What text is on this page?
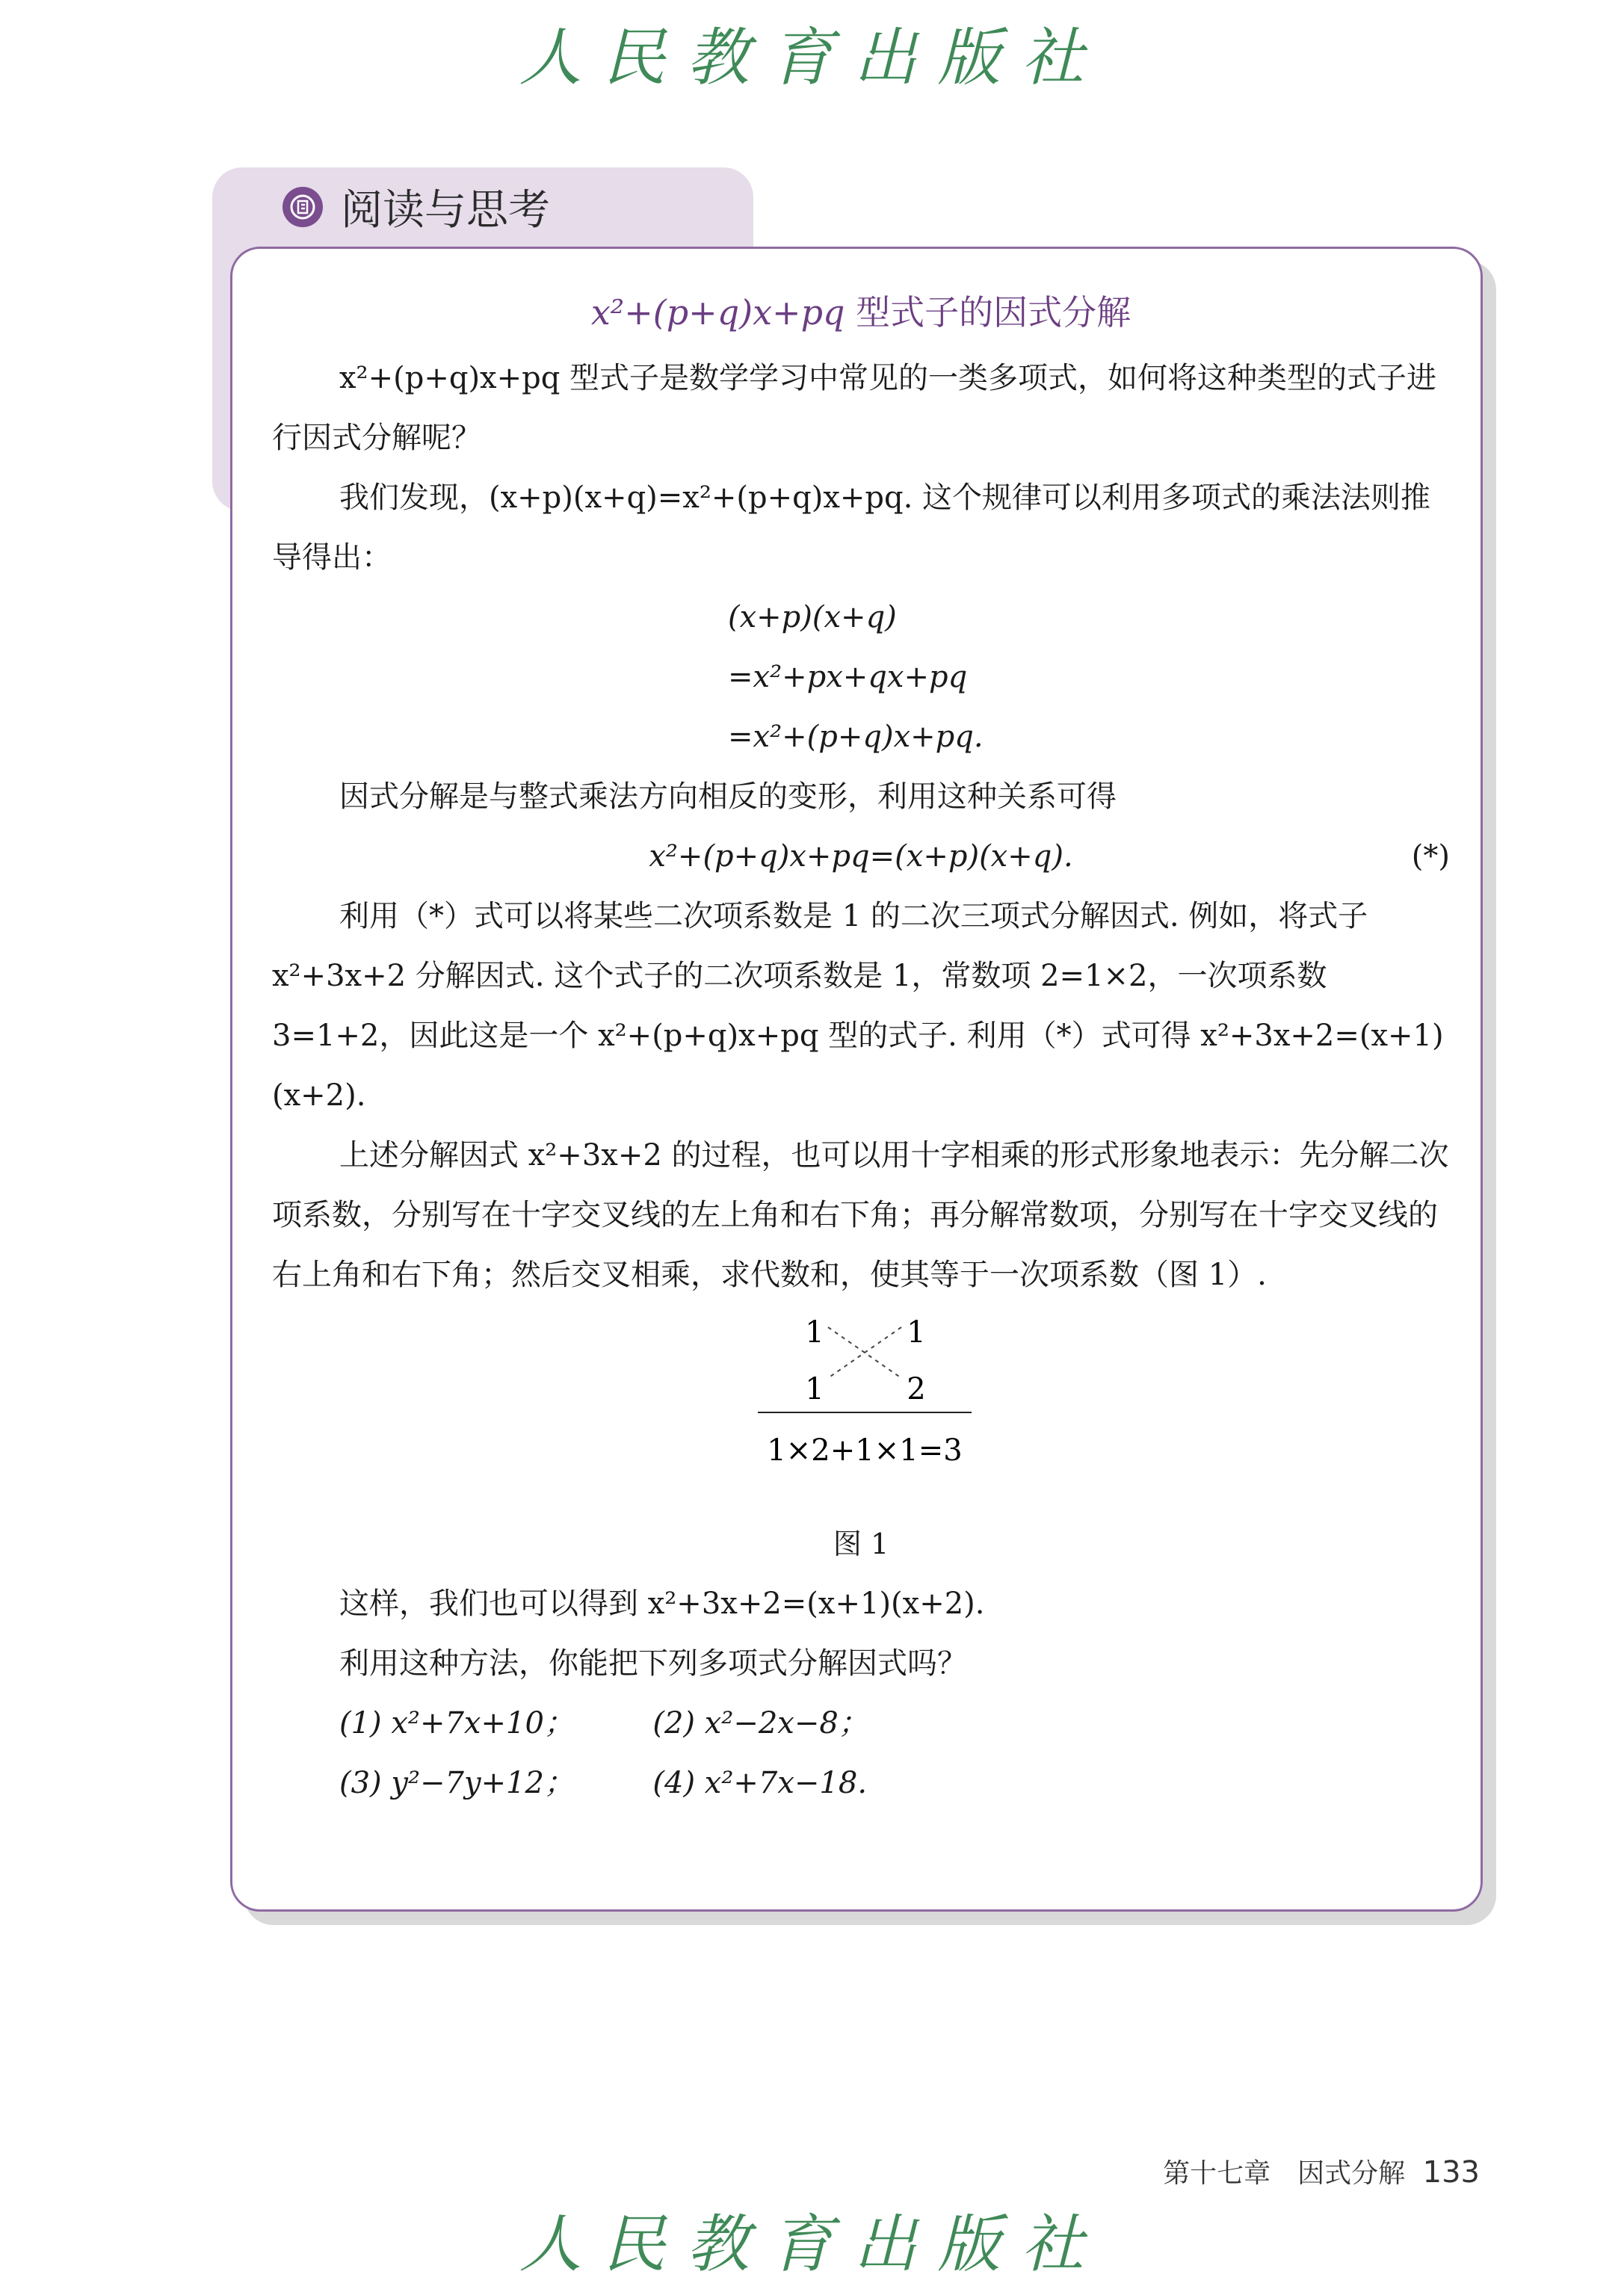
人民教育出版社
阅读与思考

x²+(p+q)x+pq 型式子的因式分解

x²+(p+q)x+pq 型式子是数学学习中常见的一类多项式，如何将这种类型的式子进行因式分解呢？

我们发现，(x+p)(x+q)=x²+(p+q)x+pq. 这个规律可以利用多项式的乘法法则推导得出：

(x+p)(x+q)
=x²+px+qx+pq
=x²+(p+q)x+pq.

因式分解是与整式乘法方向相反的变形，利用这种关系可得

x²+(p+q)x+pq=(x+p)(x+q).	(*)

利用（*）式可以将某些二次项系数是 1 的二次三项式分解因式. 例如，将式子 x²+3x+2 分解因式. 这个式子的二次项系数是 1，常数项 2=1×2，一次项系数 3=1+2，因此这是一个 x²+(p+q)x+pq 型的式子. 利用（*）式可得 x²+3x+2=(x+1)(x+2).

上述分解因式 x²+3x+2 的过程，也可以用十字相乘的形式形象地表示：先分解二次项系数，分别写在十字交叉线的左上角和右下角；再分解常数项，分别写在十字交叉线的右上角和右下角；然后交叉相乘，求代数和，使其等于一次项系数（图 1）.

1	1
1	2
1×2+1×1=3

图 1

这样，我们也可以得到 x²+3x+2=(x+1)(x+2).

利用这种方法，你能把下列多项式分解因式吗？

(1) x²+7x+10；	(2) x²−2x−8；

(3) y²−7y+12；	(4) x²+7x−18.

第十七章　因式分解 133
人民教育出版社
